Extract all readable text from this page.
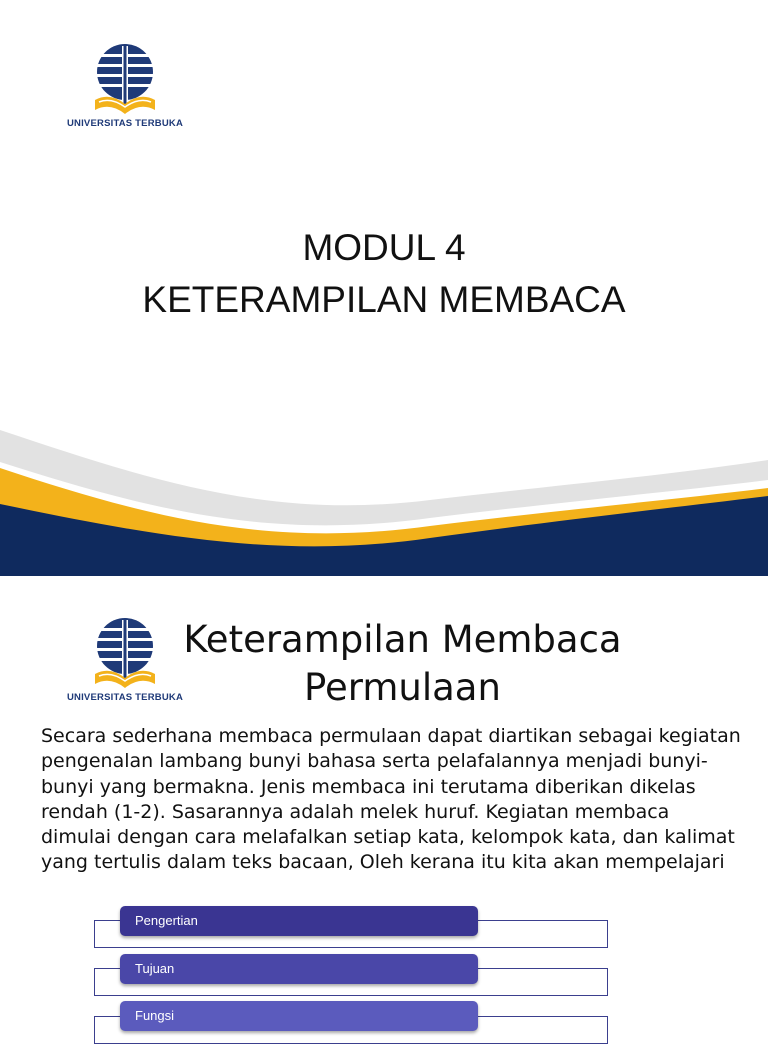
UNIVERSITAS TERBUKA
MODUL 4
KETERAMPILAN MEMBACA
UNIVERSITAS TERBUKA
Keterampilan Membaca Permulaan
Secara sederhana membaca permulaan dapat diartikan sebagai kegiatan pengenalan lambang bunyi bahasa serta pelafalannya menjadi bunyi-bunyi yang bermakna. Jenis membaca ini terutama diberikan dikelas rendah (1-2). Sasarannya adalah melek huruf. Kegiatan membaca dimulai dengan cara melafalkan setiap kata, kelompok kata, dan kalimat yang tertulis dalam teks bacaan, Oleh kerana itu kita akan mempelajari
Pengertian
Tujuan
Fungsi
